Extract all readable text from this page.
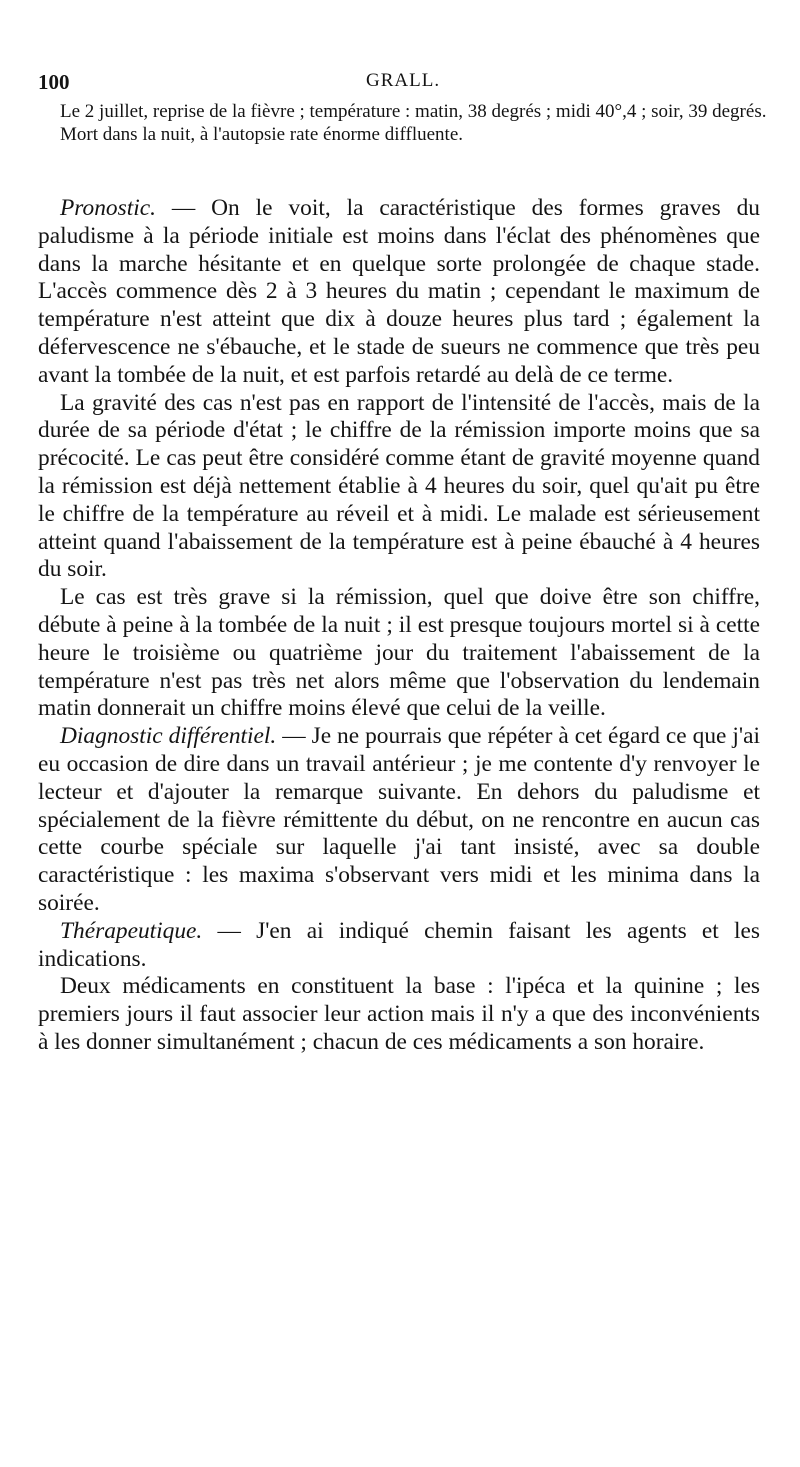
100	GRALL.

Le 2 juillet, reprise de la fièvre ; température : matin, 38 degrés ; midi 40°,4 ; soir, 39 degrés.

Mort dans la nuit, à l'autopsie rate énorme diffluente.

Pronostic. — On le voit, la caractéristique des formes graves du paludisme à la période initiale est moins dans l'éclat des phénomènes que dans la marche hésitante et en quelque sorte prolongée de chaque stade. L'accès commence dès 2 à 3 heures du matin ; cependant le maximum de température n'est atteint que dix à douze heures plus tard ; également la défervescence ne s'ébauche, et le stade de sueurs ne commence que très peu avant la tombée de la nuit, et est parfois retardé au delà de ce terme.

La gravité des cas n'est pas en rapport de l'intensité de l'accès, mais de la durée de sa période d'état ; le chiffre de la rémission importe moins que sa précocité. Le cas peut être considéré comme étant de gravité moyenne quand la rémission est déjà nettement établie à 4 heures du soir, quel qu'ait pu être le chiffre de la température au réveil et à midi. Le malade est sérieusement atteint quand l'abaissement de la température est à peine ébauché à 4 heures du soir.

Le cas est très grave si la rémission, quel que doive être son chiffre, débute à peine à la tombée de la nuit ; il est presque toujours mortel si à cette heure le troisième ou quatrième jour du traitement l'abaissement de la température n'est pas très net alors même que l'observation du lendemain matin donnerait un chiffre moins élevé que celui de la veille.

Diagnostic différentiel. — Je ne pourrais que répéter à cet égard ce que j'ai eu occasion de dire dans un travail antérieur ; je me contente d'y renvoyer le lecteur et d'ajouter la remarque suivante. En dehors du paludisme et spécialement de la fièvre rémittente du début, on ne rencontre en aucun cas cette courbe spéciale sur laquelle j'ai tant insisté, avec sa double caractéristique : les maxima s'observant vers midi et les minima dans la soirée.

Thérapeutique. — J'en ai indiqué chemin faisant les agents et les indications.

Deux médicaments en constituent la base : l'ipéca et la quinine ; les premiers jours il faut associer leur action mais il n'y a que des inconvénients à les donner simultanément ; chacun de ces médicaments a son horaire.
